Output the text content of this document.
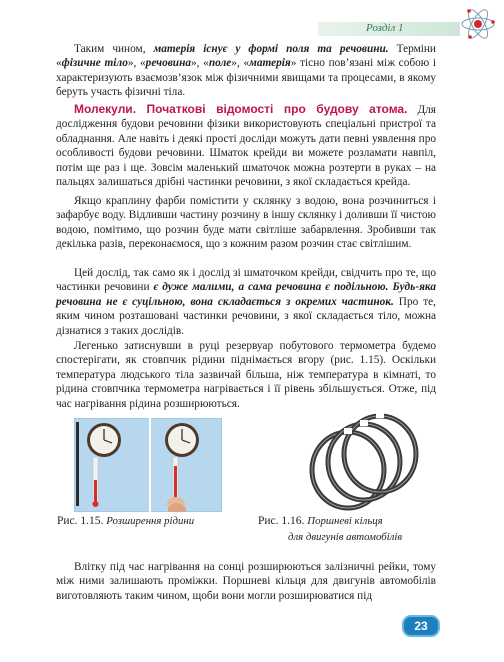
Розділ 1
Таким чином, матерія існує у формі поля та речовини. Терміни «фізичне тіло», «речовина», «поле», «матерія» тісно пов’язані між собою і характеризують взаємозв’язок між фізичними явищами та процесами, в якому беруть участь фізичні тіла.
Молекули. Початкові відомості про будову атома. Для дослідження будови речовини фізики використовують спеціальні пристрої та обладнання. Але навіть і деякі прості досліди можуть дати певні уявлення про особливості будови речовини. Шматок крейди ви можете розламати навпіл, потім ще раз і ще. Зовсім маленький шматочок можна розтерти в руках – на пальцях залишаться дрібні частинки речовини, з якої складається крейда.
Якщо краплину фарби помістити у склянку з водою, вона розчиниться і зафарбує воду. Відливши частину розчину в іншу склянку і доливши її чистою водою, помітимо, що розчин буде мати світліше забарвлення. Зробивши так декілька разів, переконаємося, що з кожним разом розчин стає світлішим.
Цей дослід, так само як і дослід зі шматочком крейди, свідчить про те, що частинки речовини є дуже малими, а сама речовина є подільною. Будь-яка речовина не є суцільною, вона складається з окремих частинок. Про те, яким чином розташовані частинки речовини, з якої складається тіло, можна дізнатися з таких дослідів.
Легенько затиснувши в руці резервуар побутового термометра будемо спостерігати, як стовпчик рідини піднімається вгору (рис. 1.15). Оскільки температура людського тіла зазвичай більша, ніж температура в кімнаті, то рідина стовпчика термометра нагрівається і її рівень збільшується. Отже, під час нагрівання рідина розширюються.
Рис. 1.15. Розширення рідини	Рис. 1.16. Поршневі кільця
для двигунів автомобілів
Влітку під час нагрівання на сонці розширюються залізничні рейки, тому між ними залишають проміжки. Поршневі кільця для двигунів автомобілів виготовляють таким чином, щоби вони могли розширюватися під
23
